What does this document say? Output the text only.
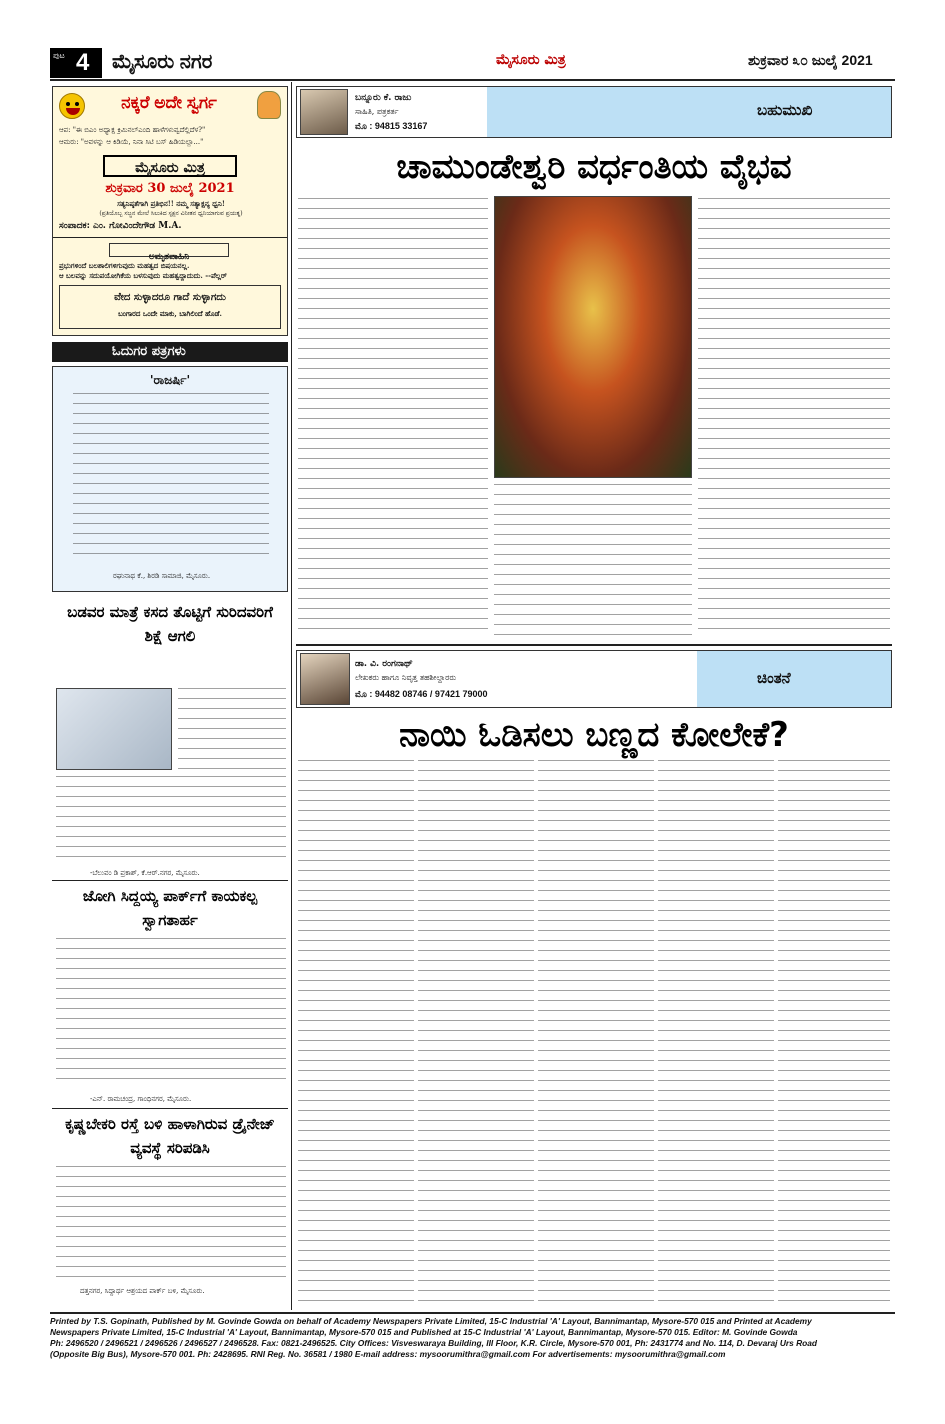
ಪುಟ 4 ಮೈಸೂರು ನಗರ	ಮೈಸೂರು ಮಿತ್ರ	ಶುಕ್ರವಾರ ೩೦ ಜುಲೈ 2021
ನಕ್ಕರೆ ಅದೇ ಸ್ವರ್ಗ
ಆಪ: "ಈ ಬಿಎಂ ಅಧ್ಯಾಕ್ಷ ಕ್ರಿಮಿನಲ್‌ಎಂದಿ ಹಾಳೆಗಳುವ್ವದೆಲ್ಲಿದೆಳ?"
ಆಮರು: "ಅವಳನ್ನು ಆ ಕಿಡಿಯೆ, ನಿನಾ ಸಿಟಿ ಬಸ್ ಹಿಡಿಯಲ್ಲಾ..."
ಮೈಸೂರು ಮಿತ್ರ
ಶುಕ್ರವಾರ 30 ಜುಲೈ 2021
ಸತ್ಯನಿಷ್ಠತೆಗಾಗಿ ಪ್ರತಿಭಿನ!! ನಮ್ಮ ಸತ್ಯಾಕ್ಷನ್ಯ ಧ್ವನಿ!
(ಪ್ರತಿಯೊಬ್ಬ ಸಜ್ಜನ ಮೇಲೆ ಸಿಲುಕಿದ ಸ್ಪಕ್ಷನ ವಿನೀತನ ಧ್ವನಿಯಾಗುವ ಪ್ರಯತ್ನ)
ಸಂಪಾದಕ: ಎಂ. ಗೋವಿಂದೇಗೌಡ M.A.
ಅಮೃತವಾಹಿನಿ
ಪ್ರಭುಗಳಿಂದೆ ಬಲಶಾಲಿಗಳಿಗುವುದು ಮಹತ್ವದ ಬಿಷಯನಲ್ಲ.
ಆ ಬಲವನ್ನು ಸದುಪಯೋಗಿಕೆಯ ಬಳಸುವುದು ಮಹತ್ವದ್ದಾದುದು. --ಪೆಲ್ಲರ್
ವೇದ ಸುಳ್ಳಾದರೂ ಗಾದೆ ಸುಳ್ಳಾಗದು
ಬಂಗಾರದ ಒಂದೇ ಮಾಕು, ಬಾಗಿಲಿಂದೆ ಹೊಡೆ.
ಓದುಗರ ಪತ್ರಗಳು
'ರಾಜರ್ಷಿ'
ರಘುನಾಥ ಕೆ., ಶಿರಡಿ ಸಾಮಾಜಿ, ಮೈಸೂರು.
ಬಡವರ ಮಾತ್ರೆ ಕಸದ ತೊಟ್ಟಿಗೆ ಸುರಿದವರಿಗೆ ಶಿಕ್ಷೆ ಆಗಲಿ
-ಬೆಲುವಂ ಡಿ ಪ್ರಕಾಶ್, ಕೆ.ಆರ್.ನಗರ, ಮೈಸೂರು.
ಜೋಗಿ ಸಿದ್ದಯ್ಯ ಪಾರ್ಕ್‌ಗೆ ಕಾಯಕಲ್ಪ ಸ್ವಾಗತಾರ್ಹ
-ಎನ್. ರಾಮಚಂದ್ರ, ಗಾಂಧಿನಗರ, ಮೈಸೂರು.
ಕೃಷ್ಣಬೇಕರಿ ರಸ್ತೆ ಬಳಿ ಹಾಳಾಗಿರುವ ಡ್ರೈನೇಜ್ ವ್ಯವಸ್ಥೆ ಸರಿಪಡಿಸಿ
ದತ್ತನಗರ, ಸಿದ್ದಾರ್ಥ ಆಶ್ರಯದ ಪಾರ್ಕ್ ಬಳಿ, ಮೈಸೂರು.
ಬನ್ನೂರು ಕೆ. ರಾಜು
ಸಾಹಿತಿ, ಪತ್ರಕರ್ತ
ಮೊ : 94815 33167
ಬಹುಮುಖಿ
ಚಾಮುಂಡೇಶ್ವರಿ ವರ್ಧಂತಿಯ ವೈಭವ
ಡಾ. ವಿ. ರಂಗನಾಥ್
ಲೇಖಕರು ಹಾಗೂ ನಿವೃತ್ತ ತಹಶೀಲ್ದಾರರು
ಮೊ : 94482 08746 / 97421 79000
ಚಿಂತನೆ
ನಾಯಿ ಓಡಿಸಲು ಬಣ್ಣದ ಕೋಲೇಕೆ?
Printed by T.S. Gopinath, Published by M. Govinde Gowda on behalf of Academy Newspapers Private Limited, 15-C Industrial 'A' Layout, Bannimantap, Mysore-570 015 and Printed at Academy
Newspapers Private Limited, 15-C Industrial 'A' Layout, Bannimantap, Mysore-570 015 and Published at 15-C Industrial 'A' Layout, Bannimantap, Mysore-570 015. Editor: M. Govinde Gowda
Ph: 2496520 / 2496521 / 2496526 / 2496527 / 2496528. Fax: 0821-2496525. City Offices: Visveswaraya Building, III Floor, K.R. Circle, Mysore-570 001, Ph: 2431774 and No. 114, D. Devaraj Urs Road
(Opposite Big Bus), Mysore-570 001. Ph: 2428695. RNI Reg. No. 36581 / 1980 E-mail address: mysoorumithra@gmail.com For advertisements: mysoorumithra@gmail.com
